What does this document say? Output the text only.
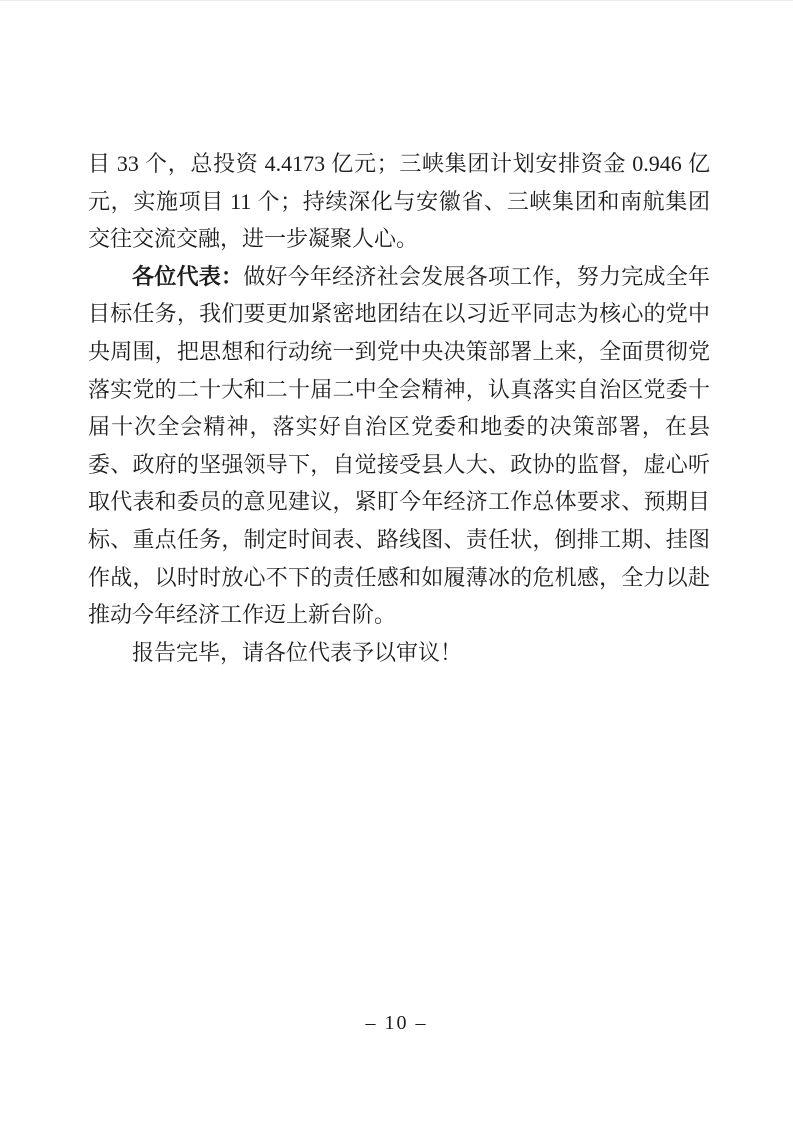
目 33 个，总投资 4.4173 亿元；三峡集团计划安排资金 0.946 亿元，实施项目 11 个；持续深化与安徽省、三峡集团和南航集团交往交流交融，进一步凝聚人心。

各位代表：做好今年经济社会发展各项工作，努力完成全年目标任务，我们要更加紧密地团结在以习近平同志为核心的党中央周围，把思想和行动统一到党中央决策部署上来，全面贯彻党落实党的二十大和二十届二中全会精神，认真落实自治区党委十届十次全会精神，落实好自治区党委和地委的决策部署，在县委、政府的坚强领导下，自觉接受县人大、政协的监督，虚心听取代表和委员的意见建议，紧盯今年经济工作总体要求、预期目标、重点任务，制定时间表、路线图、责任状，倒排工期、挂图作战，以时时放心不下的责任感和如履薄冰的危机感，全力以赴推动今年经济工作迈上新台阶。

报告完毕，请各位代表予以审议！

– 10 –
